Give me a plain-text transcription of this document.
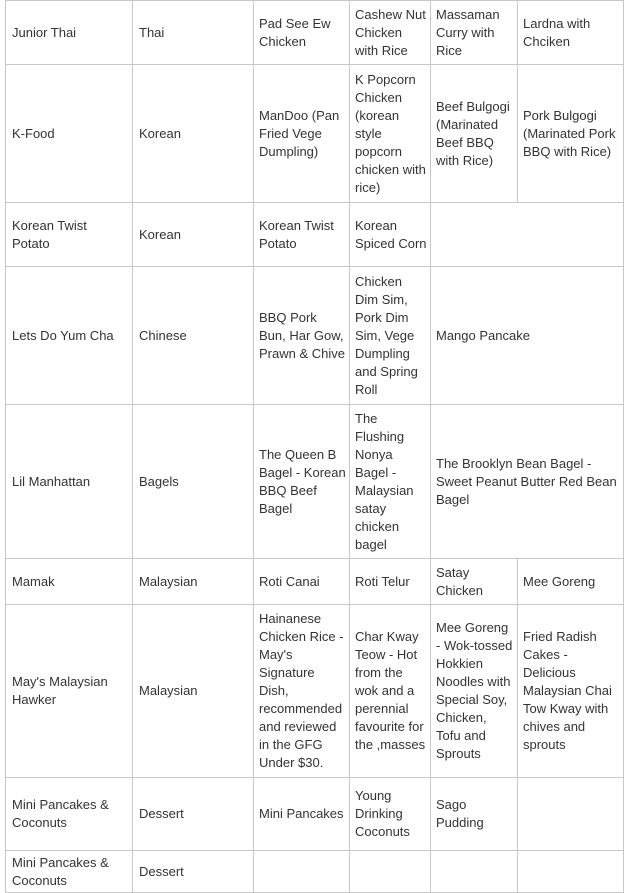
Junior Thai	Thai	Pad See Ew Chicken	Cashew Nut Chicken with Rice	Massaman Curry with Rice	Lardna with Chciken
K-Food	Korean	ManDoo (Pan Fried Vege Dumpling)	K Popcorn Chicken (korean style popcorn chicken with rice)	Beef Bulgogi (Marinated Beef BBQ with Rice)	Pork Bulgogi (Marinated Pork BBQ with Rice)
Korean Twist Potato	Korean	Korean Twist Potato	Korean Spiced Corn		
Lets Do Yum Cha	Chinese	BBQ Pork Bun, Har Gow, Prawn & Chive	Chicken Dim Sim, Pork Dim Sim, Vege Dumpling and Spring Roll	Mango Pancake	
Lil Manhattan	Bagels	The Queen B Bagel - Korean BBQ Beef Bagel	The Flushing Nonya Bagel - Malaysian satay chicken bagel	The Brooklyn Bean Bagel - Sweet Peanut Butter Red Bean Bagel	
Mamak	Malaysian	Roti Canai	Roti Telur	Satay Chicken	Mee Goreng
May's Malaysian Hawker	Malaysian	Hainanese Chicken Rice - May's Signature Dish, recommended and reviewed in the GFG Under $30.	Char Kway Teow - Hot from the wok and a perennial favourite for the ,masses	Mee Goreng - Wok-tossed Hokkien Noodles with Special Soy, Chicken, Tofu and Sprouts	Fried Radish Cakes - Delicious Malaysian Chai Tow Kway with chives and sprouts
Mini Pancakes & Coconuts	Dessert	Mini Pancakes	Young Drinking Coconuts	Sago Pudding	
Mini Pancakes & Coconuts	Dessert				
